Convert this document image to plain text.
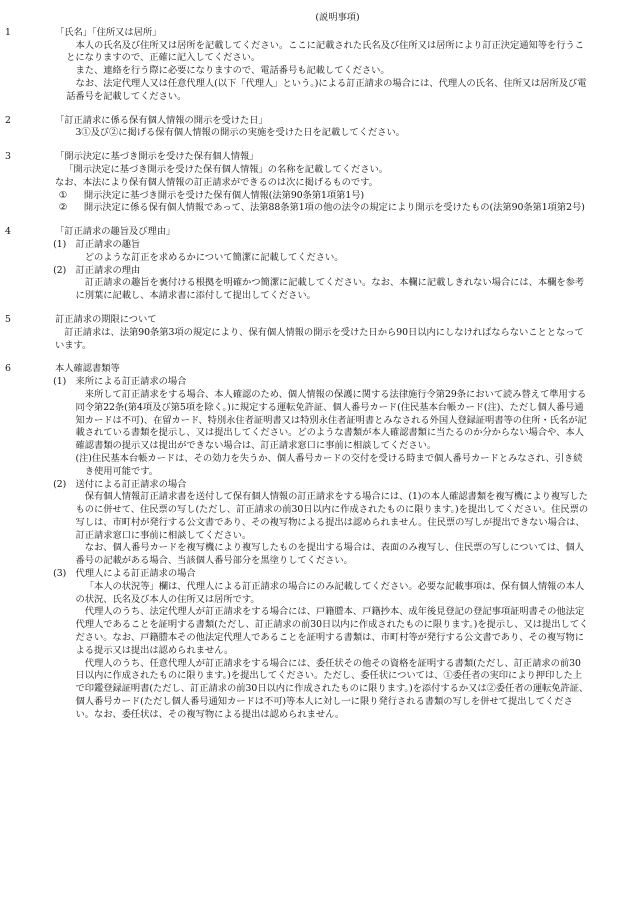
(説明事項)
1	「氏名」「住所又は居所」

本人の氏名及び住所又は居所を記載してください。ここに記載された氏名及び住所又は居所により訂正決定通知等を行うことになりますので、正確に記入してください。

また、連絡を行う際に必要になりますので、電話番号も記載してください。

なお、法定代理人又は任意代理人(以下「代理人」という。)による訂正請求の場合には、代理人の氏名、住所又は居所及び電話番号を記載してください。

2	「訂正請求に係る保有個人情報の開示を受けた日」

3①及び②に掲げる保有個人情報の開示の実施を受けた日を記載してください。

3	「開示決定に基づき開示を受けた保有個人情報」

「開示決定に基づき開示を受けた保有個人情報」の名称を記載してください。

なお、本法により保有個人情報の訂正請求ができるのは次に掲げるものです。

① 開示決定に基づき開示を受けた保有個人情報(法第90条第1項第1号)
② 開示決定に係る保有個人情報であって、法第88条第1項の他の法令の規定により開示を受けたもの(法第90条第1項第2号)
4	「訂正請求の趣旨及び理由」
(1) 訂正請求の趣旨

どのような訂正を求めるかについて簡潔に記載してください。

(2) 訂正請求の理由

訂正請求の趣旨を裏付ける根拠を明確かつ簡潔に記載してください。なお、本欄に記載しきれない場合には、本欄を参考に別葉に記載し、本請求書に添付して提出してください。

5	訂正請求の期限について

訂正請求は、法第90条第3項の規定により、保有個人情報の開示を受けた日から90日以内にしなければならないこととなっています。

6	本人確認書類等
(1) 来所による訂正請求の場合

来所して訂正請求をする場合、本人確認のため、個人情報の保護に関する法律施行令第29条において読み替えて準用する同令第22条(第4項及び第5項を除く。)に規定する運転免許証、個人番号カード(住民基本台帳カード(注)、ただし個人番号通知カードは不可)、在留カード、特別永住者証明書又は特別永住者証明書とみなされる外国人登録証明書等の住所・氏名が記載されている書類を提示し、又は提出してください。どのような書類が本人確認書類に当たるのか分からない場合や、本人確認書類の提示又は提出ができない場合は、訂正請求窓口に事前に相談してください。

(注)住民基本台帳カードは、その効力を失うか、個人番号カードの交付を受ける時まで個人番号カードとみなされ、引き続き使用可能です。

(2) 送付による訂正請求の場合

保有個人情報訂正請求書を送付して保有個人情報の訂正請求をする場合には、(1)の本人確認書類を複写機により複写したものに併せて、住民票の写し(ただし、訂正請求の前30日以内に作成されたものに限ります。)を提出してください。住民票の写しは、市町村が発行する公文書であり、その複写物による提出は認められません。住民票の写しが提出できない場合は、訂正請求窓口に事前に相談してください。

なお、個人番号カードを複写機により複写したものを提出する場合は、表面のみ複写し、住民票の写しについては、個人番号の記載がある場合、当該個人番号部分を黒塗りしてください。

(3) 代理人による訂正請求の場合

「本人の状況等」欄は、代理人による訂正請求の場合にのみ記載してください。必要な記載事項は、保有個人情報の本人の状況、氏名及び本人の住所又は居所です。

代理人のうち、法定代理人が訂正請求をする場合には、戸籍謄本、戸籍抄本、成年後見登記の登記事項証明書その他法定代理人であることを証明する書類(ただし、訂正請求の前30日以内に作成されたものに限ります。)を提示し、又は提出してください。なお、戸籍謄本その他法定代理人であることを証明する書類は、市町村等が発行する公文書であり、その複写物による提示又は提出は認められません。

代理人のうち、任意代理人が訂正請求をする場合には、委任状その他その資格を証明する書類(ただし、訂正請求の前30日以内に作成されたものに限ります。)を提出してください。ただし、委任状については、①委任者の実印により押印した上で印鑑登録証明書(ただし、訂正請求の前30日以内に作成されたものに限ります。)を添付するか又は②委任者の運転免許証、個人番号カード(ただし個人番号通知カードは不可)等本人に対し一に限り発行される書類の写しを併せて提出してください。なお、委任状は、その複写物による提出は認められません。
